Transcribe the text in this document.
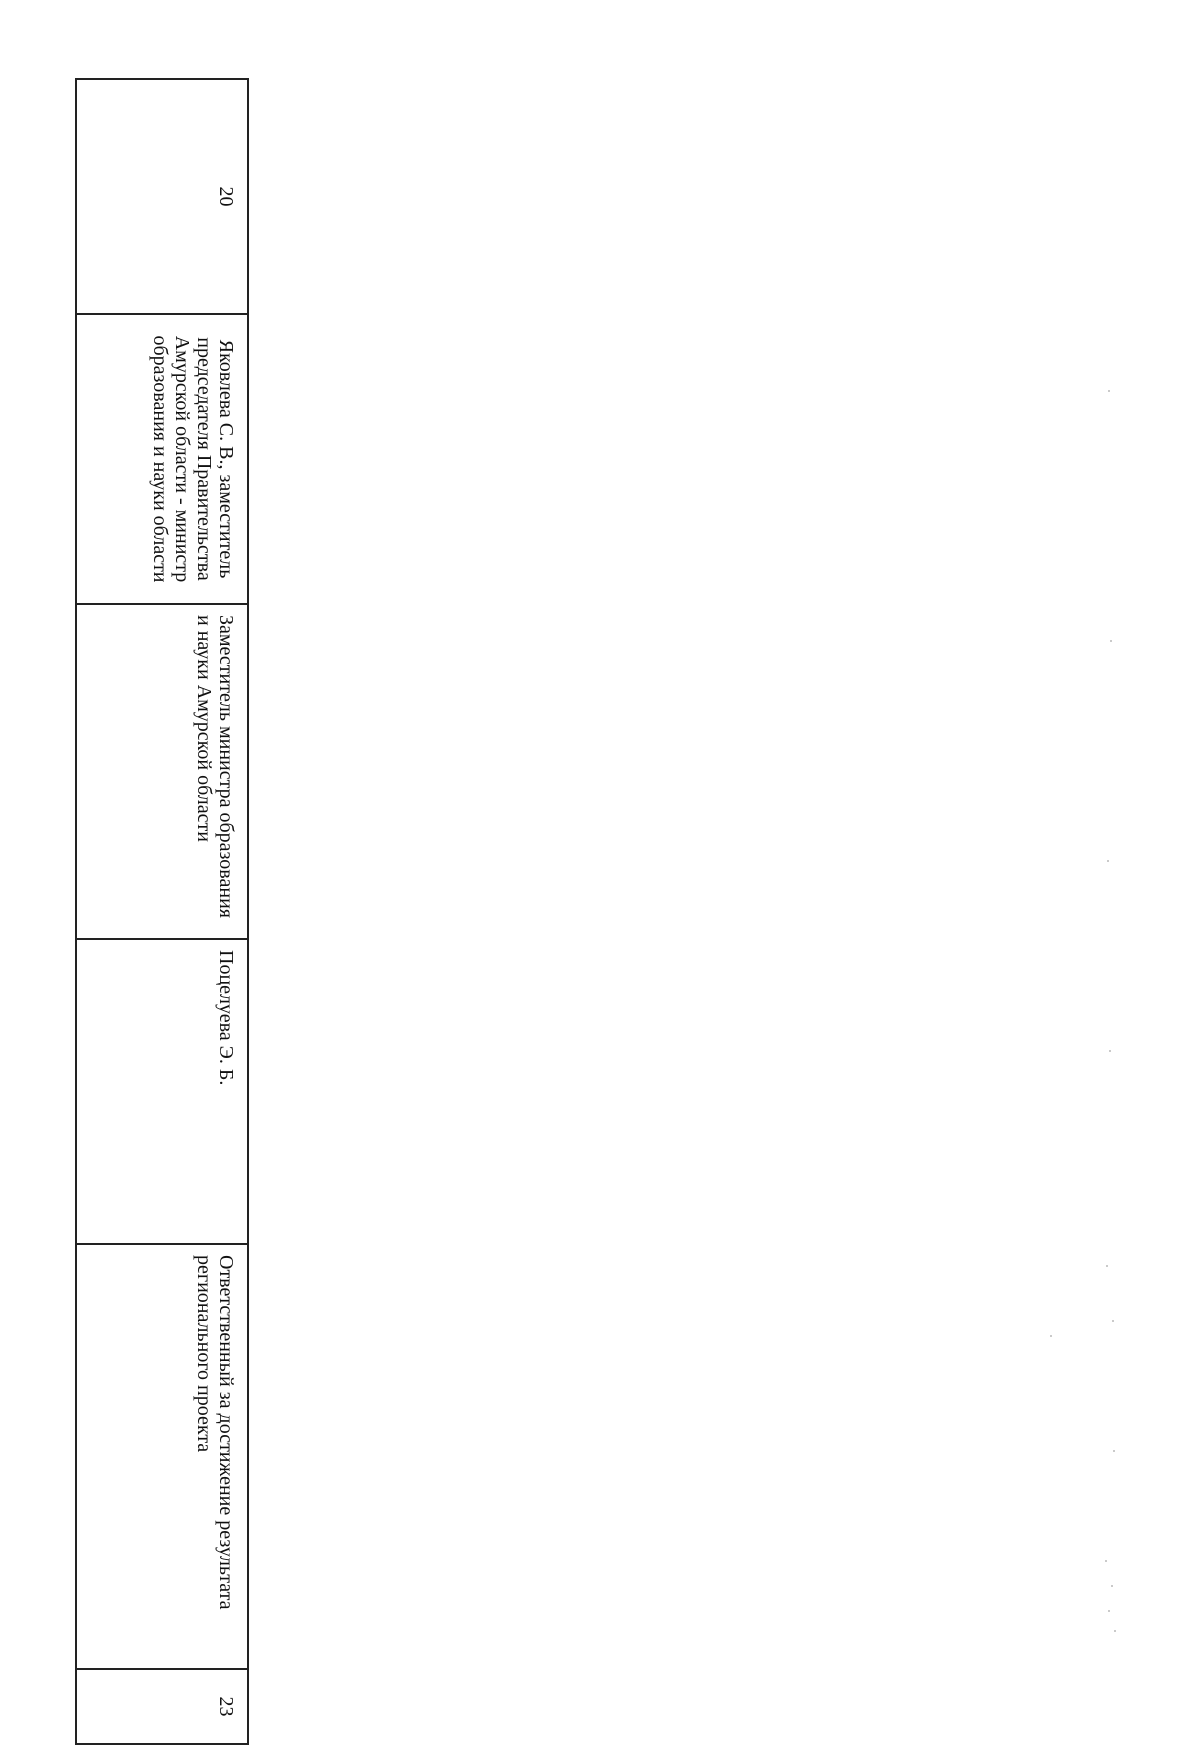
20	Яковлева С. В., заместитель председателя Правительства Амурской области - министр образования и науки области	Заместитель министра образования и науки Амурской области	Поцелуева Э. Б.	Ответственный за достижение результата регионального проекта	23
